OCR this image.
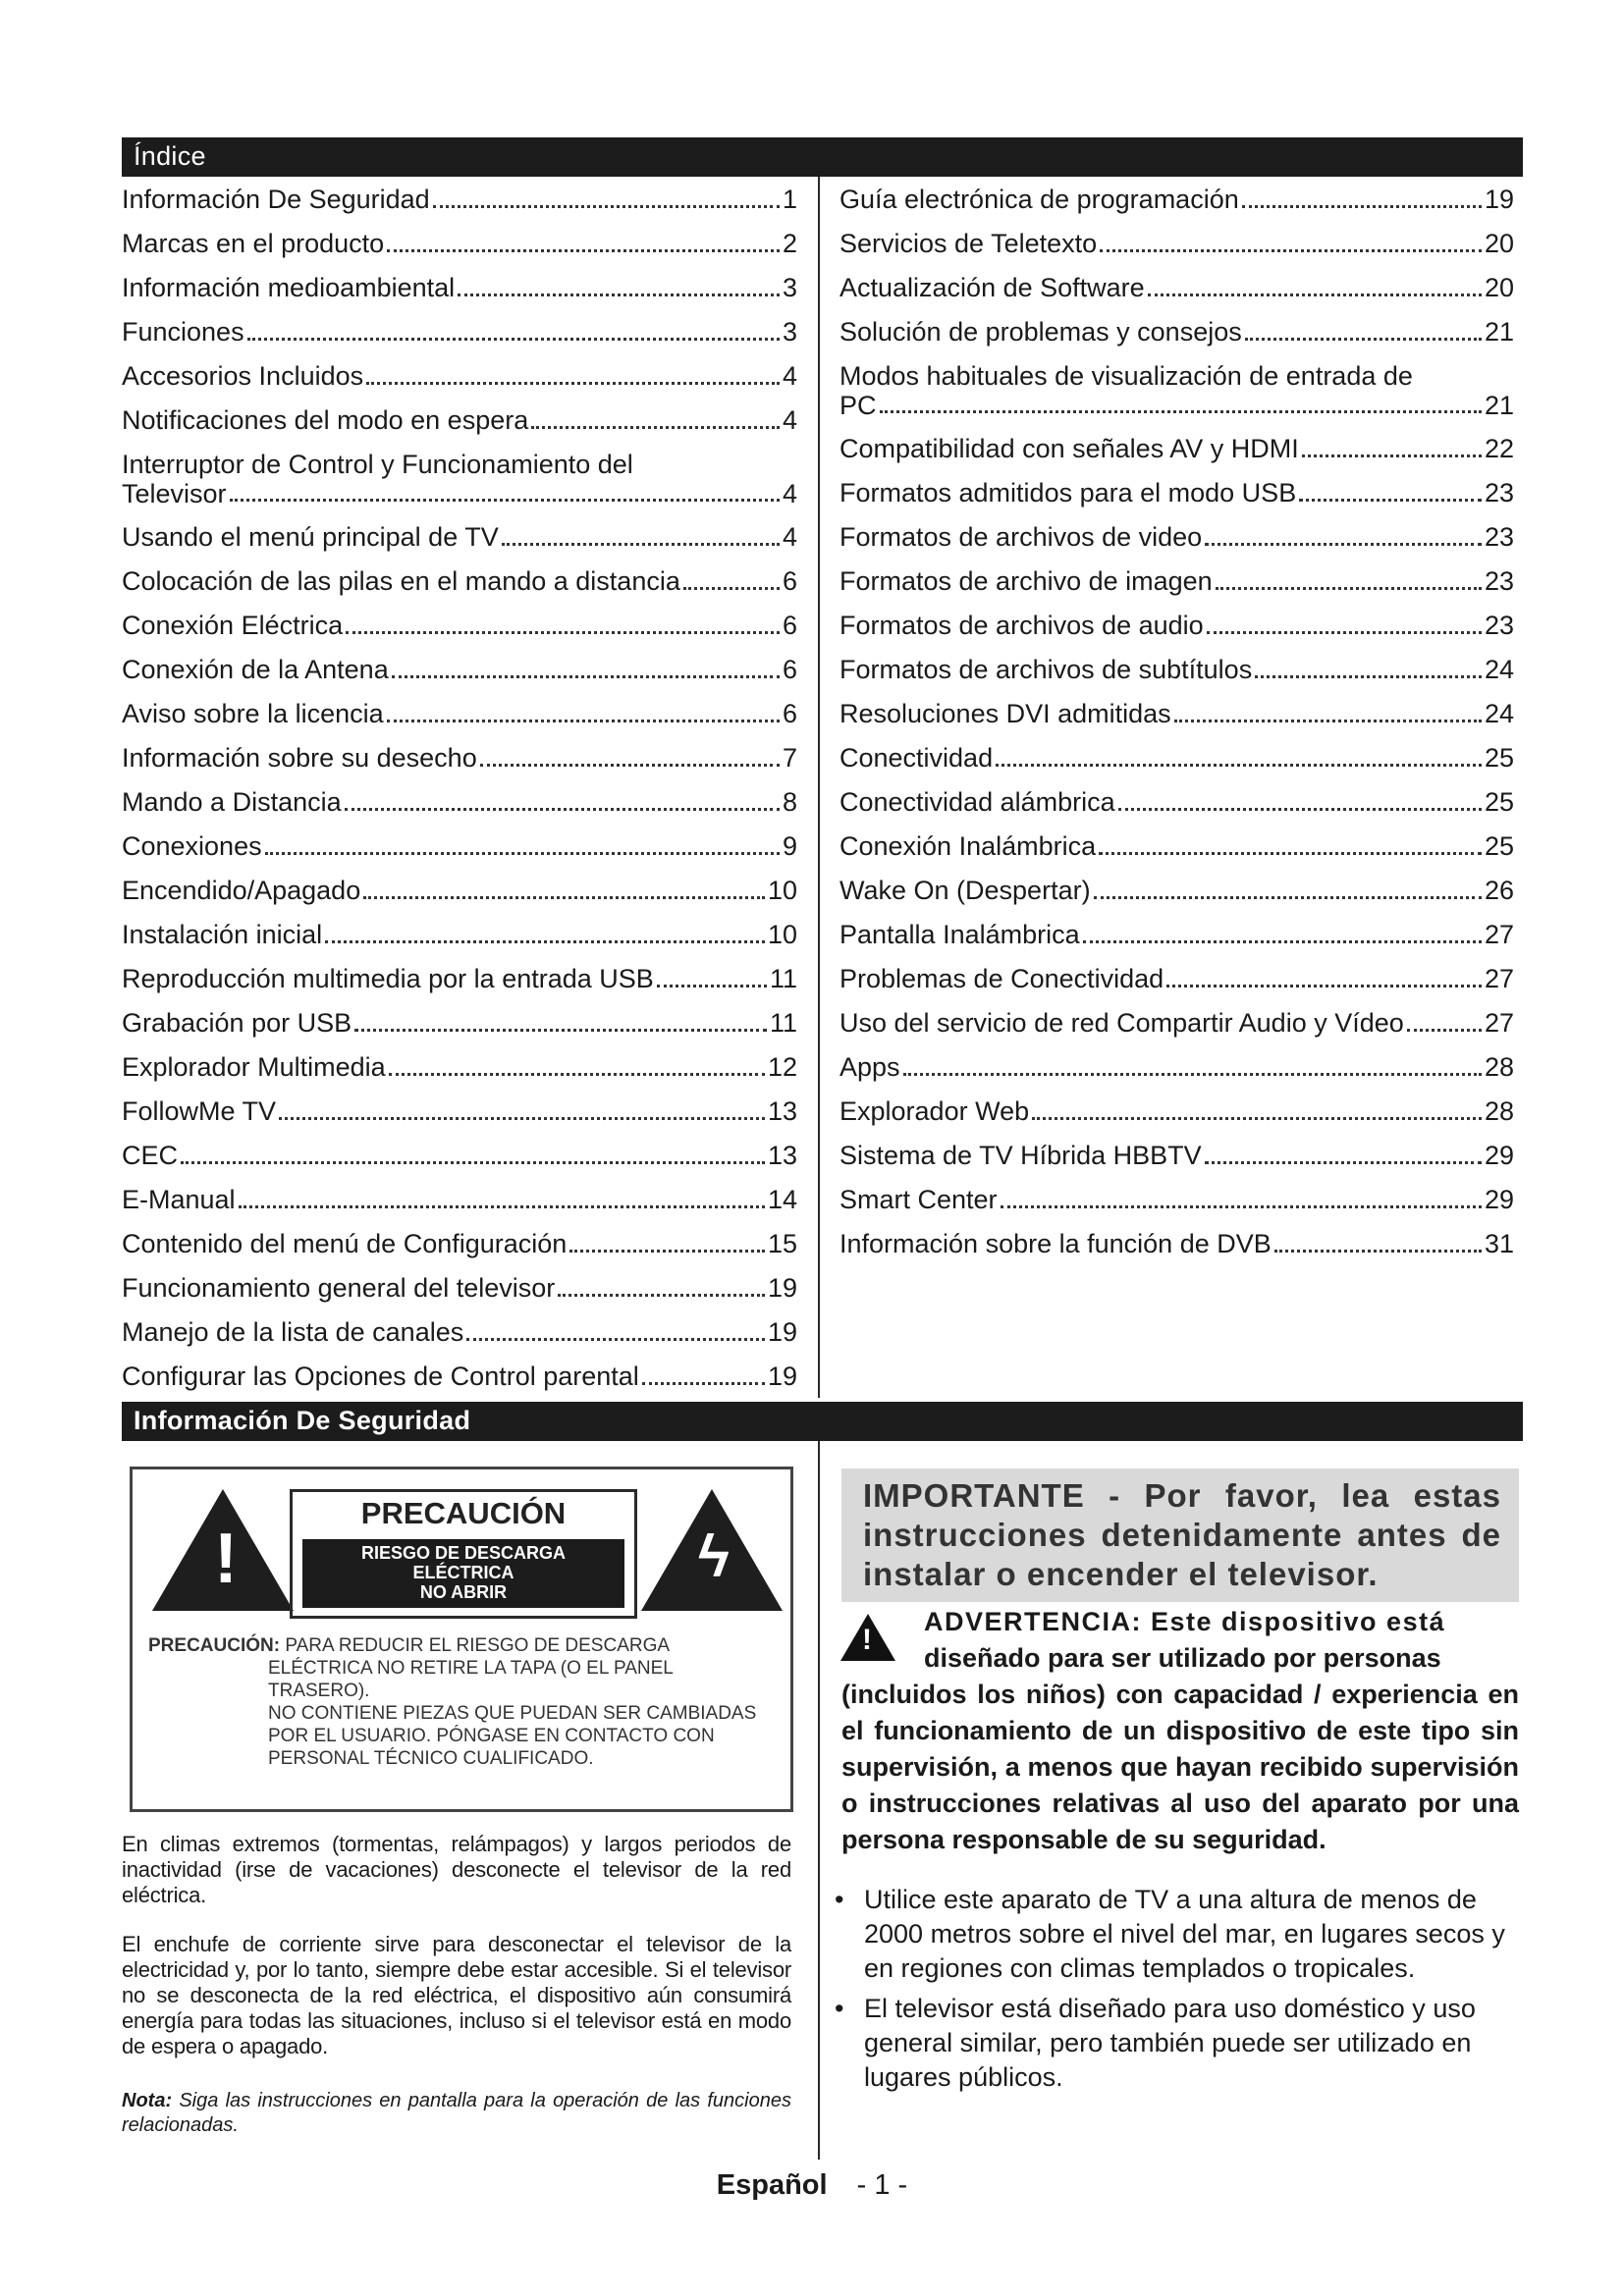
Índice
Información De Seguridad	1
Marcas en el producto	2
Información medioambiental	3
Funciones	3
Accesorios Incluidos	4
Notificaciones del modo en espera	4
Interruptor de Control y Funcionamiento del
Televisor	4
Usando el menú principal de TV	4
Colocación de las pilas en el mando a distancia	6
Conexión Eléctrica	6
Conexión de la Antena	6
Aviso sobre la licencia	6
Información sobre su desecho	7
Mando a Distancia	8
Conexiones	9
Encendido/Apagado	10
Instalación inicial	10
Reproducción multimedia por la entrada USB	11
Grabación por USB	11
Explorador Multimedia	12
FollowMe TV	13
CEC	13
E-Manual	14
Contenido del menú de Configuración	15
Funcionamiento general del televisor	19
Manejo de la lista de canales	19
Configurar las Opciones de Control parental	19
Guía electrónica de programación	19
Servicios de Teletexto	20
Actualización de Software	20
Solución de problemas y consejos	21
Modos habituales de visualización de entrada de
PC	21
Compatibilidad con señales AV y HDMI	22
Formatos admitidos para el modo USB	23
Formatos de archivos de video	23
Formatos de archivo de imagen	23
Formatos de archivos de audio	23
Formatos de archivos de subtítulos	24
Resoluciones DVI admitidas	24
Conectividad	25
Conectividad alámbrica	25
Conexión Inalámbrica	25
Wake On (Despertar)	26
Pantalla Inalámbrica	27
Problemas de Conectividad	27
Uso del servicio de red Compartir Audio y Vídeo	27
Apps	28
Explorador Web	28
Sistema de TV Híbrida HBBTV	29
Smart Center	29
Información sobre la función de DVB	31
Información De Seguridad
!	ϟ
PRECAUCIÓN
RIESGO DE DESCARGA
ELÉCTRICA
NO ABRIR
PRECAUCIÓN: PARA REDUCIR EL RIESGO DE DESCARGA
ELÉCTRICA NO RETIRE LA TAPA (O EL PANEL TRASERO).
NO CONTIENE PIEZAS QUE PUEDAN SER CAMBIADAS POR EL USUARIO. PÓNGASE EN CONTACTO CON PERSONAL TÉCNICO CUALIFICADO.
En climas extremos (tormentas, relámpagos) y largos periodos de inactividad (irse de vacaciones) desconecte el televisor de la red eléctrica.
El enchufe de corriente sirve para desconectar el televisor de la electricidad y, por lo tanto, siempre debe estar accesible. Si el televisor no se desconecta de la red eléctrica, el dispositivo aún consumirá energía para todas las situaciones, incluso si el televisor está en modo de espera o apagado.
Nota: Siga las instrucciones en pantalla para la operación de las funciones relacionadas.
IMPORTANTE - Por favor, lea estas instrucciones detenidamente antes de instalar o encender el televisor.
!
ADVERTENCIA: Este dispositivo está
diseñado para ser utilizado por personas
(incluidos los niños) con capacidad / experiencia en el funcionamiento de un dispositivo de este tipo sin supervisión, a menos que hayan recibido supervisión o instrucciones relativas al uso del aparato por una persona responsable de su seguridad.
• Utilice este aparato de TV a una altura de menos de 2000 metros sobre el nivel del mar, en lugares secos y en regiones con climas templados o tropicales.
• El televisor está diseñado para uso doméstico y uso general similar, pero también puede ser utilizado en lugares públicos.
Español - 1 -
